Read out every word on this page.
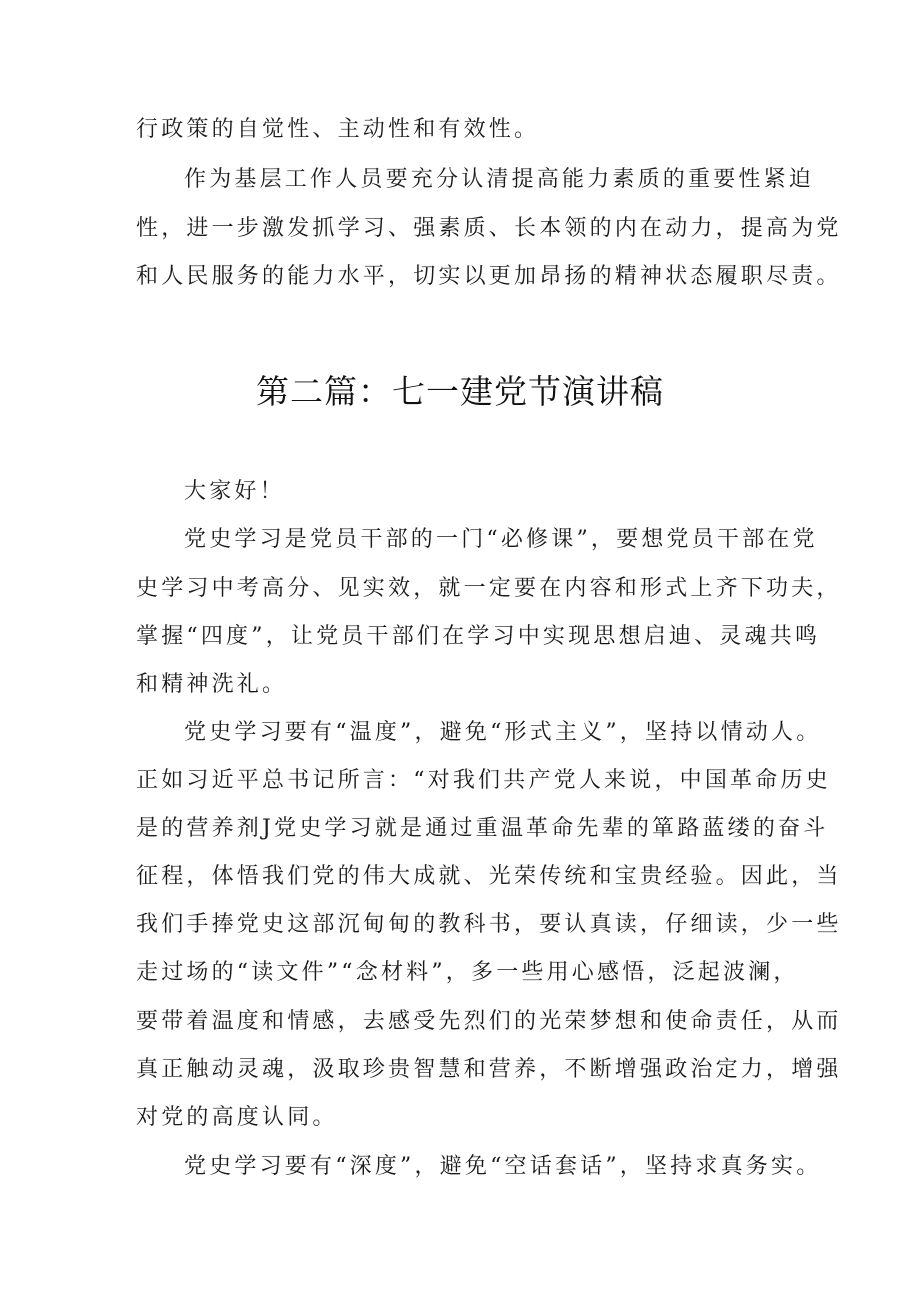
行政策的自觉性、主动性和有效性。
作为基层工作人员要充分认清提高能力素质的重要性紧迫
性，进一步激发抓学习、强素质、长本领的内在动力，提高为党
和人民服务的能力水平，切实以更加昂扬的精神状态履职尽责。
第二篇：七一建党节演讲稿
大家好！
党史学习是党员干部的一门“必修课”，要想党员干部在党
史学习中考高分、见实效，就一定要在内容和形式上齐下功夫，
掌握“四度”，让党员干部们在学习中实现思想启迪、灵魂共鸣
和精神洗礼。
党史学习要有“温度”，避免“形式主义”，坚持以情动人。
正如习近平总书记所言：“对我们共产党人来说，中国革命历史
是的营养剂J党史学习就是通过重温革命先辈的箪路蓝缕的奋斗
征程，体悟我们党的伟大成就、光荣传统和宝贵经验。因此，当
我们手捧党史这部沉甸甸的教科书，要认真读，仔细读，少一些
走过场的“读文件”“念材料”，多一些用心感悟，泛起波澜，
要带着温度和情感，去感受先烈们的光荣梦想和使命责任，从而
真正触动灵魂，汲取珍贵智慧和营养，不断增强政治定力，增强
对党的高度认同。
党史学习要有“深度”，避免“空话套话”，坚持求真务实。
